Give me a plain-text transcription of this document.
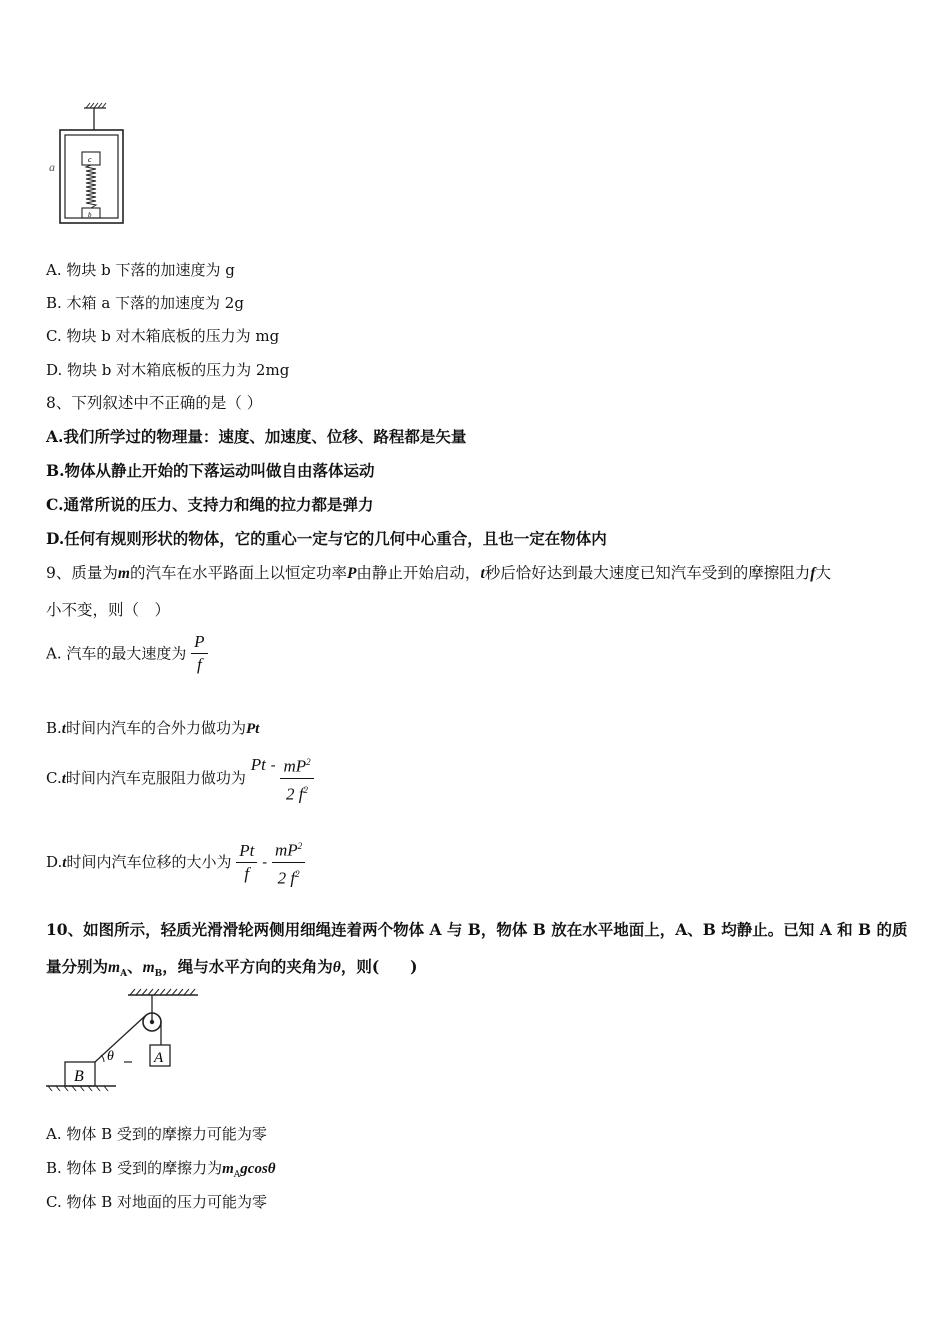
c
b
a
A. 物块 b 下落的加速度为 g
B. 木箱 a 下落的加速度为 2g
C. 物块 b 对木箱底板的压力为 mg
D. 物块 b 对木箱底板的压力为 2mg
8、下列叙述中不正确的是（ ）
A.我们所学过的物理量：速度、加速度、位移、路程都是矢量
B.物体从静止开始的下落运动叫做自由落体运动
C.通常所说的压力、支持力和绳的拉力都是弹力
D.任何有规则形状的物体，它的重心一定与它的几何中心重合，且也一定在物体内
9、质量为m的汽车在水平路面上以恒定功率P由静止开始启动，t秒后恰好达到最大速度已知汽车受到的摩擦阻力f大
小不变，则（　）
A. 汽车的最大速度为 $\frac{P}{f}$
B.t时间内汽车的合外力做功为Pt
C.t时间内汽车克服阻力做功为 Pt - $\frac{mP^2}{2 f^2}$
D.t时间内汽车位移的大小为 $\frac{Pt}{f} - \frac{mP^2}{2 f^2}$
10、如图所示，轻质光滑滑轮两侧用细绳连着两个物体 A 与 B，物体 B 放在水平地面上，A、B 均静止。已知 A 和 B 的质
量分别为$m_A$、$m_B$，绳与水平方向的夹角为θ，则(　　)
θ
B
A
A. 物体 B 受到的摩擦力可能为零
B. 物体 B 受到的摩擦力为$m_Agcos\theta$
C. 物体 B 对地面的压力可能为零
